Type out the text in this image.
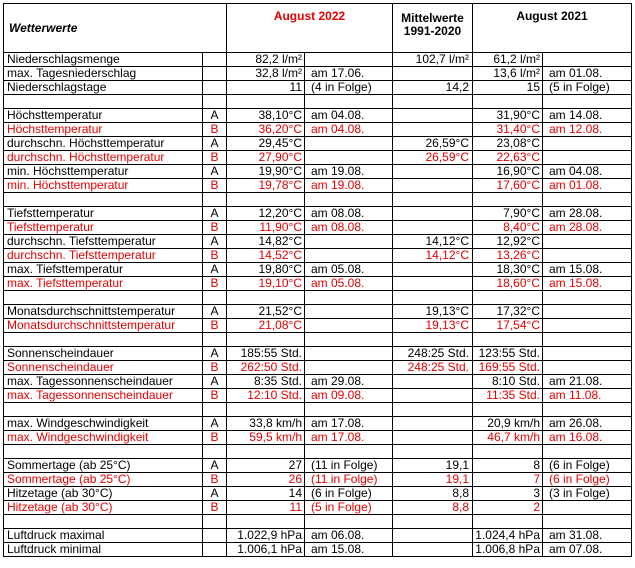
Wetterwerte		August 2022		Mittelwerte 1991-2020	August 2021	
Niederschlagsmenge		82,2 l/m²		102,7 l/m²	61,2 l/m²	
max. Tagesniederschlag		32,8 l/m²	am 17.06.		13,6 l/m²	am 01.08.
Niederschlagstage		11	(4 in Folge)	14,2	15	(5 in Folge)

Höchsttemperatur	A	38,10°C	am 04.08.		31,90°C	am 14.08.
Höchsttemperatur	B	36,20°C	am 04.08.		31,40°C	am 12.08.
durchschn. Höchsttemperatur	A	29,45°C		26,59°C	23,08°C	
durchschn. Höchsttemperatur	B	27,90°C		26,59°C	22,63°C	
min. Höchsttemperatur	A	19,90°C	am 19.08.		16,90°C	am 04.08.
min. Höchsttemperatur	B	19,78°C	am 19.08.		17,60°C	am 01.08.

Tiefsttemperatur	A	12,20°C	am 08.08.		7,90°C	am 28.08.
Tiefsttemperatur	B	11,90°C	am 08.08.		8,40°C	am 28.08.
durchschn. Tiefsttemperatur	A	14,82°C		14,12°C	12,92°C	
durchschn. Tiefsttemperatur	B	14,52°C		14,12°C	13,26°C	
max. Tiefsttemperatur	A	19,80°C	am 05.08.		18,30°C	am 15.08.
max. Tiefsttemperatur	B	19,10°C	am 05.08.		18,60°C	am 15.08.

Monatsdurchschnittstemperatur	A	21,52°C		19,13°C	17,32°C	
Monatsdurchschnittstemperatur	B	21,08°C		19,13°C	17,54°C	

Sonnenscheindauer	A	185:55 Std.		248:25 Std.	123:55 Std.	
Sonnenscheindauer	B	262:50 Std.		248:25 Std.	169:55 Std.	
max. Tagessonnenscheindauer	A	8:35 Std.	am 29.08.		8:10 Std.	am 21.08.
max. Tagessonnenscheindauer	B	12:10 Std.	am 09.08.		11:35 Std.	am 11.08.

max. Windgeschwindigkeit	A	33,8 km/h	am 17.08.		20,9 km/h	am 26.08.
max. Windgeschwindigkeit	B	59,5 km/h	am 17.08.		46,7 km/h	am 16.08.

Sommertage (ab 25°C)	A	27	(11 in Folge)	19,1	8	(6 in Folge)
Sommertage (ab 25°C)	B	26	(11 in Folge)	19,1	7	(6 in Folge)
Hitzetage (ab 30°C)	A	14	(6 in Folge)	8,8	3	(3 in Folge)
Hitzetage (ab 30°C)	B	11	(5 in Folge)	8,8	2	

Luftdruck maximal		1.022,9 hPa	am 06.08.		1.024,4 hPa	am 31.08.
Luftdruck minimal		1.006,1 hPa	am 15.08.		1.006,8 hPa	am 07.08.
